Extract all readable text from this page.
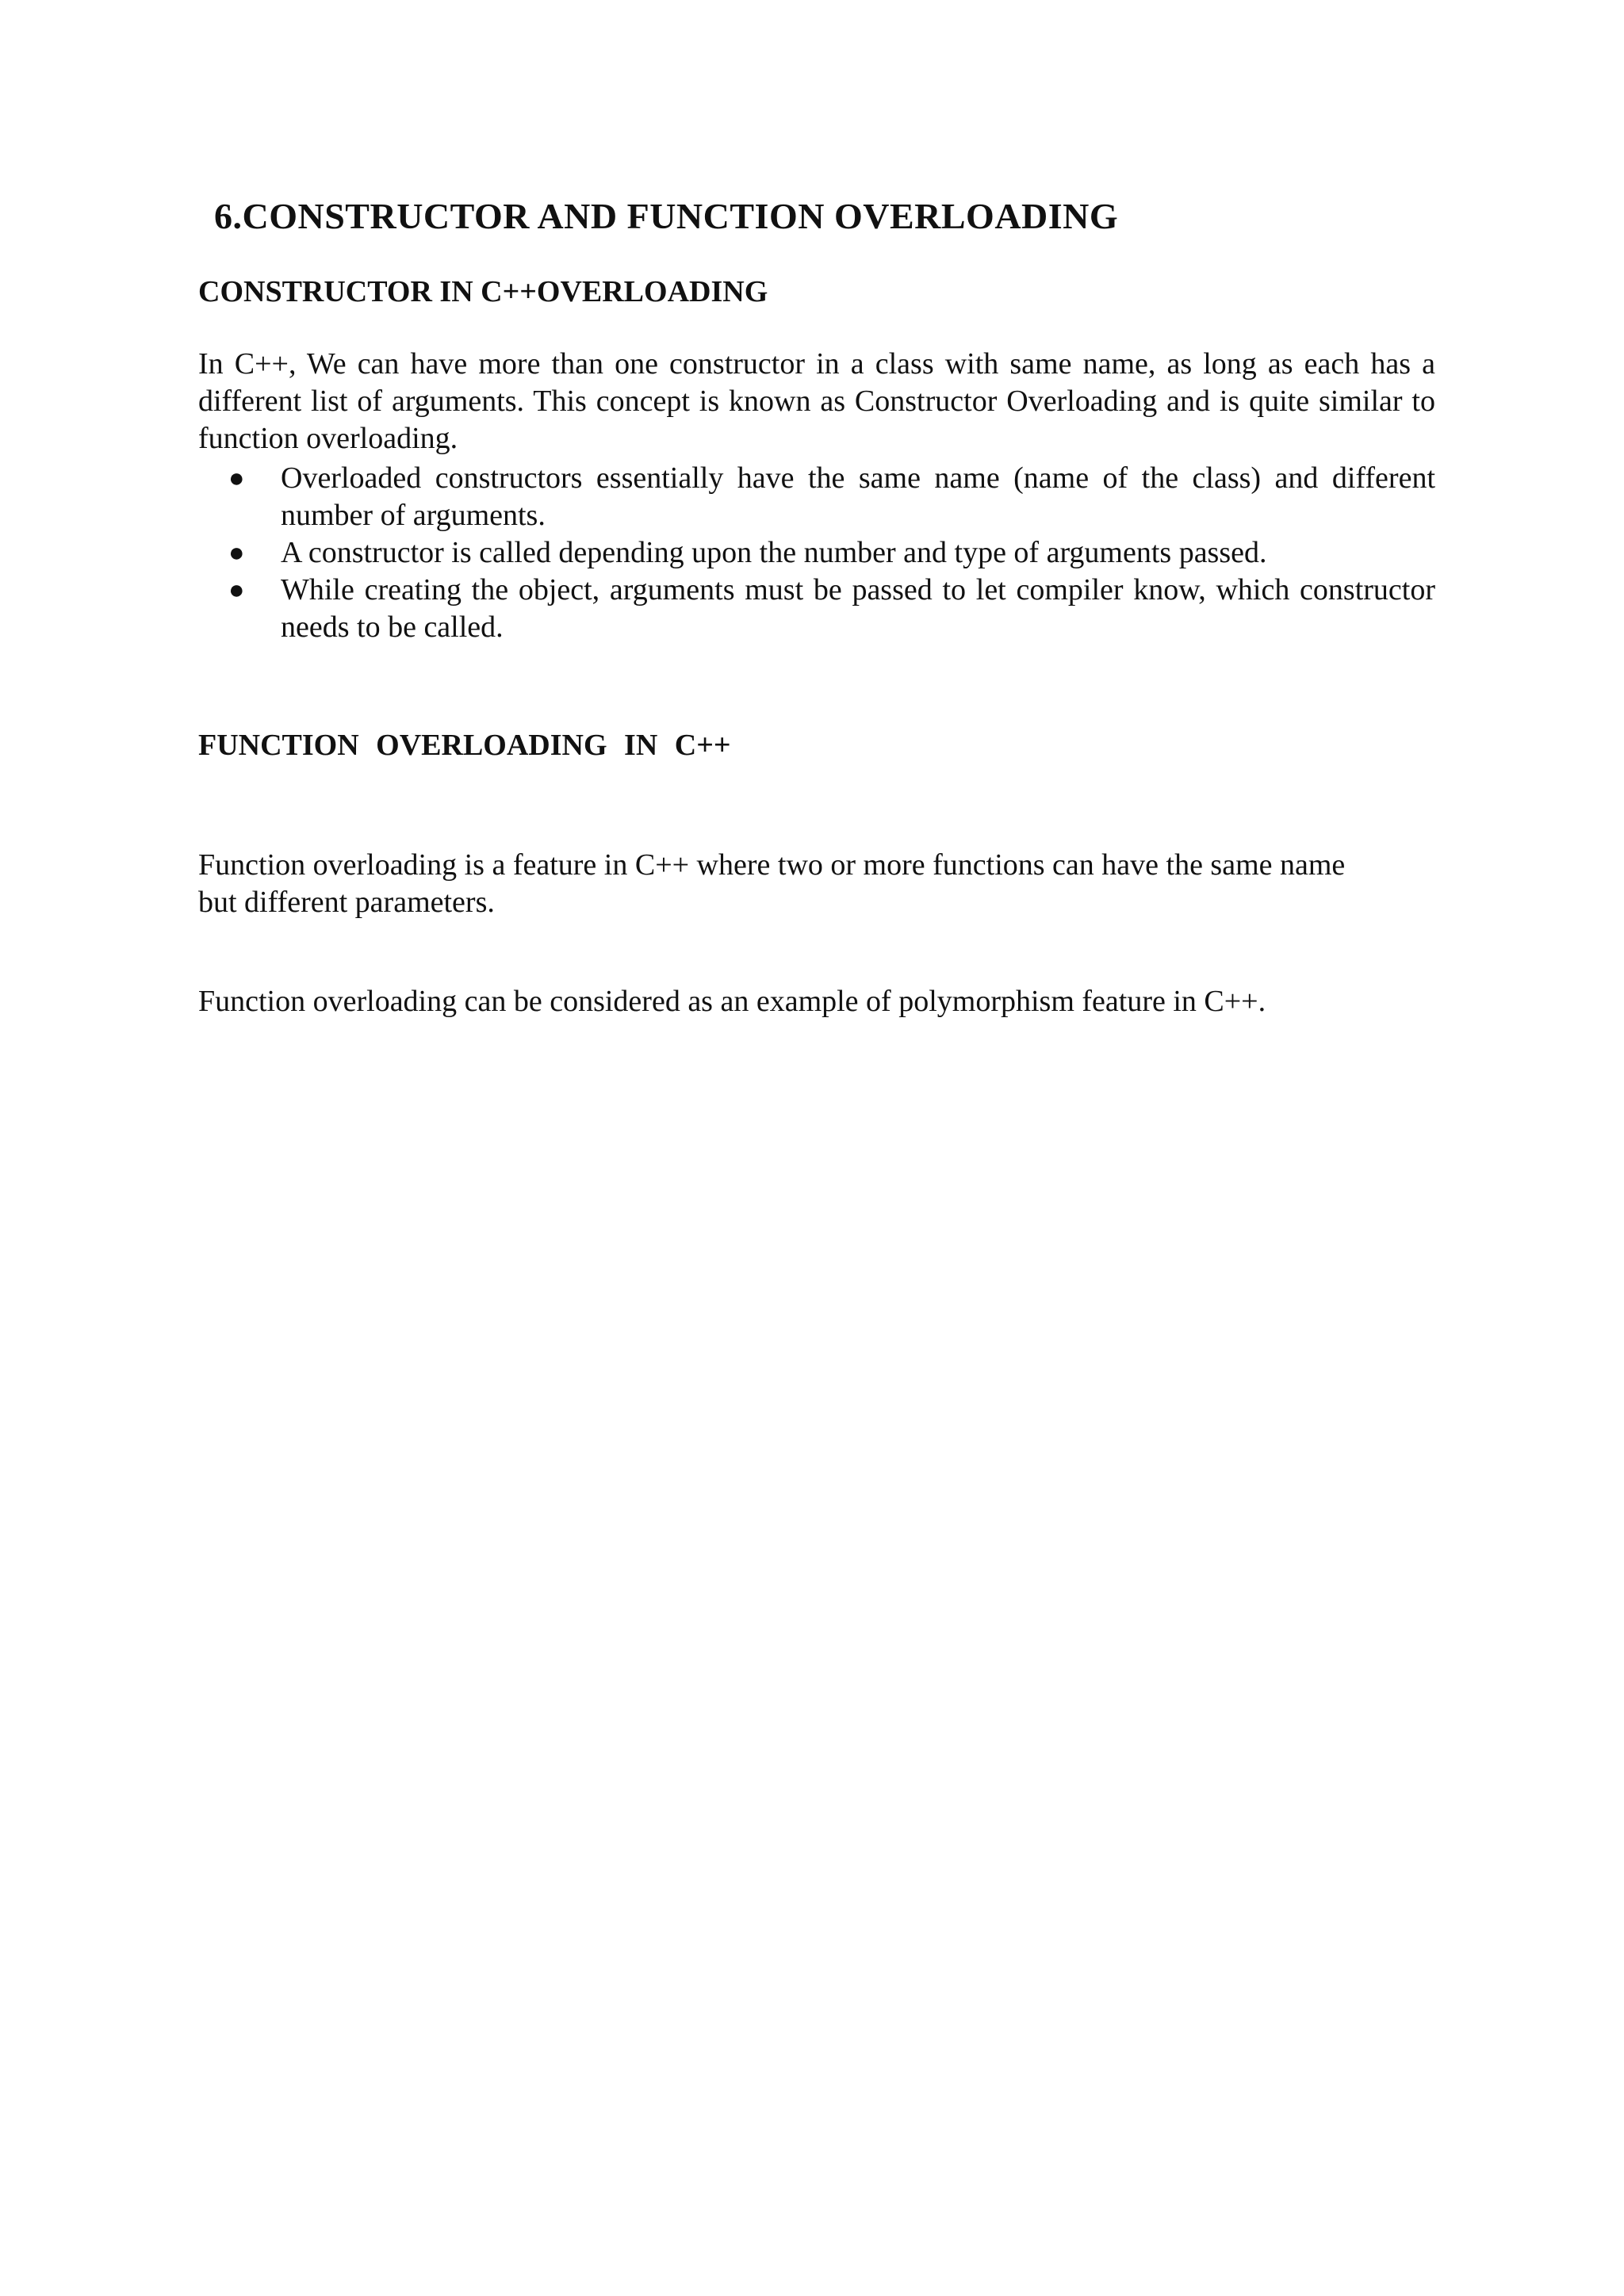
6.CONSTRUCTOR AND FUNCTION OVERLOADING
CONSTRUCTOR IN C++OVERLOADING

In C++, We can have more than one constructor in a class with same name, as long as each has a different list of arguments. This concept is known as Constructor Overloading and is quite similar to function overloading.

● Overloaded constructors essentially have the same name (name of the class) and different number of arguments.
● A constructor is called depending upon the number and type of arguments passed.
● While creating the object, arguments must be passed to let compiler know, which constructor needs to be called.
FUNCTION OVERLOADING IN C++

Function overloading is a feature in C++ where two or more functions can have the same name but different parameters.

Function overloading can be considered as an example of polymorphism feature in C++.
